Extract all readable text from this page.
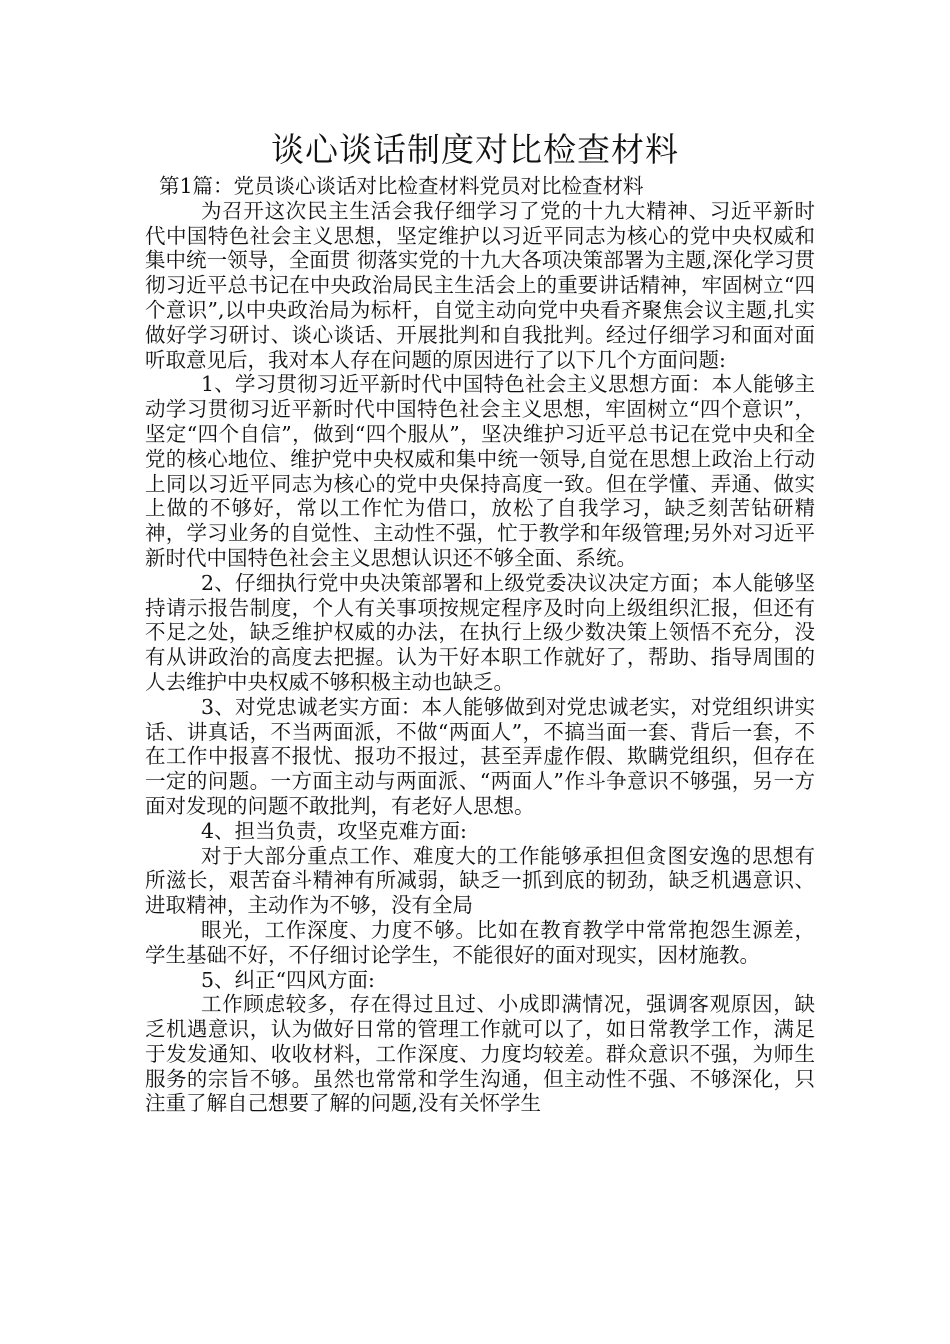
谈心谈话制度对比检查材料

第1篇：党员谈心谈话对比检查材料党员对比检查材料

为召开这次民主生活会我仔细学习了党的十九大精神、习近平新时代中国特色社会主义思想，坚定维护以习近平同志为核心的党中央权威和集中统一领导，全面贯 彻落实党的十九大各项决策部署为主题,深化学习贯彻习近平总书记在中央政治局民主生活会上的重要讲话精神，牢固树立“四个意识”,以中央政治局为标杆，自觉主动向党中央看齐聚焦会议主题,扎实做好学习研讨、谈心谈话、开展批判和自我批判。经过仔细学习和面对面听取意见后，我对本人存在问题的原因进行了以下几个方面问题:

1、学习贯彻习近平新时代中国特色社会主义思想方面：本人能够主动学习贯彻习近平新时代中国特色社会主义思想，牢固树立“四个意识”，坚定“四个自信”，做到“四个服从”，坚决维护习近平总书记在党中央和全党的核心地位、维护党中央权威和集中统一领导,自觉在思想上政治上行动上同以习近平同志为核心的党中央保持高度一致。但在学懂、弄通、做实上做的不够好，常以工作忙为借口，放松了自我学习，缺乏刻苦钻研精神，学习业务的自觉性、主动性不强，忙于教学和年级管理;另外对习近平新时代中国特色社会主义思想认识还不够全面、系统。

2、仔细执行党中央决策部署和上级党委决议决定方面；本人能够坚持请示报告制度，个人有关事项按规定程序及时向上级组织汇报，但还有不足之处，缺乏维护权威的办法，在执行上级少数决策上领悟不充分，没有从讲政治的高度去把握。认为干好本职工作就好了，帮助、指导周围的人去维护中央权威不够积极主动也缺乏。

3、对党忠诚老实方面：本人能够做到对党忠诚老实，对党组织讲实话、讲真话，不当两面派，不做“两面人”，不搞当面一套、背后一套，不在工作中报喜不报忧、报功不报过，甚至弄虚作假、欺瞒党组织，但存在一定的问题。一方面主动与两面派、“两面人”作斗争意识不够强，另一方面对发现的问题不敢批判，有老好人思想。

4、担当负责，攻坚克难方面:

对于大部分重点工作、难度大的工作能够承担但贪图安逸的思想有所滋长，艰苦奋斗精神有所减弱，缺乏一抓到底的韧劲，缺乏机遇意识、进取精神，主动作为不够，没有全局

眼光，工作深度、力度不够。比如在教育教学中常常抱怨生源差，学生基础不好，不仔细讨论学生，不能很好的面对现实，因材施教。

5、纠正“四风方面:

工作顾虑较多，存在得过且过、小成即满情况，强调客观原因，缺乏机遇意识，认为做好日常的管理工作就可以了，如日常教学工作，满足于发发通知、收收材料，工作深度、力度均较差。群众意识不强，为师生服务的宗旨不够。虽然也常常和学生沟通，但主动性不强、不够深化，只注重了解自己想要了解的问题,没有关怀学生
